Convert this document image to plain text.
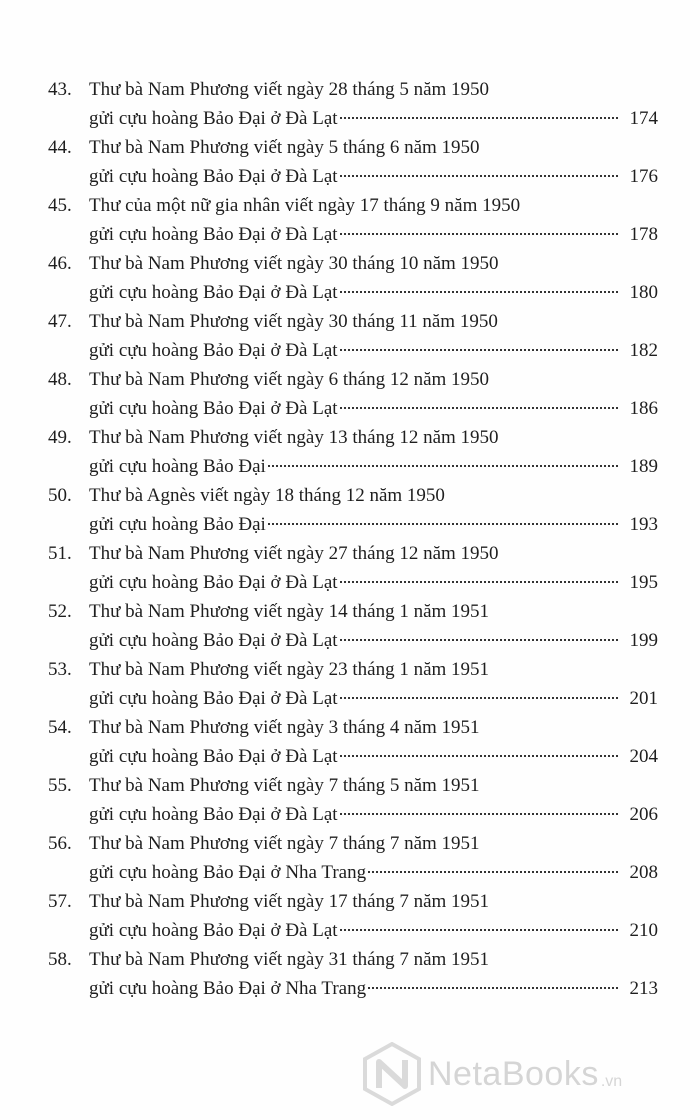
43. Thư bà Nam Phương viết ngày 28 tháng 5 năm 1950
gửi cựu hoàng Bảo Đại ở Đà Lạt	174
44. Thư bà Nam Phương viết ngày 5 tháng 6 năm 1950
gửi cựu hoàng Bảo Đại ở Đà Lạt	176
45. Thư của một nữ gia nhân viết ngày 17 tháng 9 năm 1950
gửi cựu hoàng Bảo Đại ở Đà Lạt	178
46. Thư bà Nam Phương viết ngày 30 tháng 10 năm 1950
gửi cựu hoàng Bảo Đại ở Đà Lạt	180
47. Thư bà Nam Phương viết ngày 30 tháng 11 năm 1950
gửi cựu hoàng Bảo Đại ở Đà Lạt	182
48. Thư bà Nam Phương viết ngày 6 tháng 12 năm 1950
gửi cựu hoàng Bảo Đại ở Đà Lạt	186
49. Thư bà Nam Phương viết ngày 13 tháng 12 năm 1950
gửi cựu hoàng Bảo Đại	189
50. Thư bà Agnès viết ngày 18 tháng 12 năm 1950
gửi cựu hoàng Bảo Đại	193
51. Thư bà Nam Phương viết ngày 27 tháng 12 năm 1950
gửi cựu hoàng Bảo Đại ở Đà Lạt	195
52. Thư bà Nam Phương viết ngày 14 tháng 1 năm 1951
gửi cựu hoàng Bảo Đại ở Đà Lạt	199
53. Thư bà Nam Phương viết ngày 23 tháng 1 năm 1951
gửi cựu hoàng Bảo Đại ở Đà Lạt	201
54. Thư bà Nam Phương viết ngày 3 tháng 4 năm 1951
gửi cựu hoàng Bảo Đại ở Đà Lạt	204
55. Thư bà Nam Phương viết ngày 7 tháng 5 năm 1951
gửi cựu hoàng Bảo Đại ở Đà Lạt	206
56. Thư bà Nam Phương viết ngày 7 tháng 7 năm 1951
gửi cựu hoàng Bảo Đại ở Nha Trang	208
57. Thư bà Nam Phương viết ngày 17 tháng 7 năm 1951
gửi cựu hoàng Bảo Đại ở Đà Lạt	210
58. Thư bà Nam Phương viết ngày 31 tháng 7 năm 1951
gửi cựu hoàng Bảo Đại ở Nha Trang	213
NetaBooks .vn
